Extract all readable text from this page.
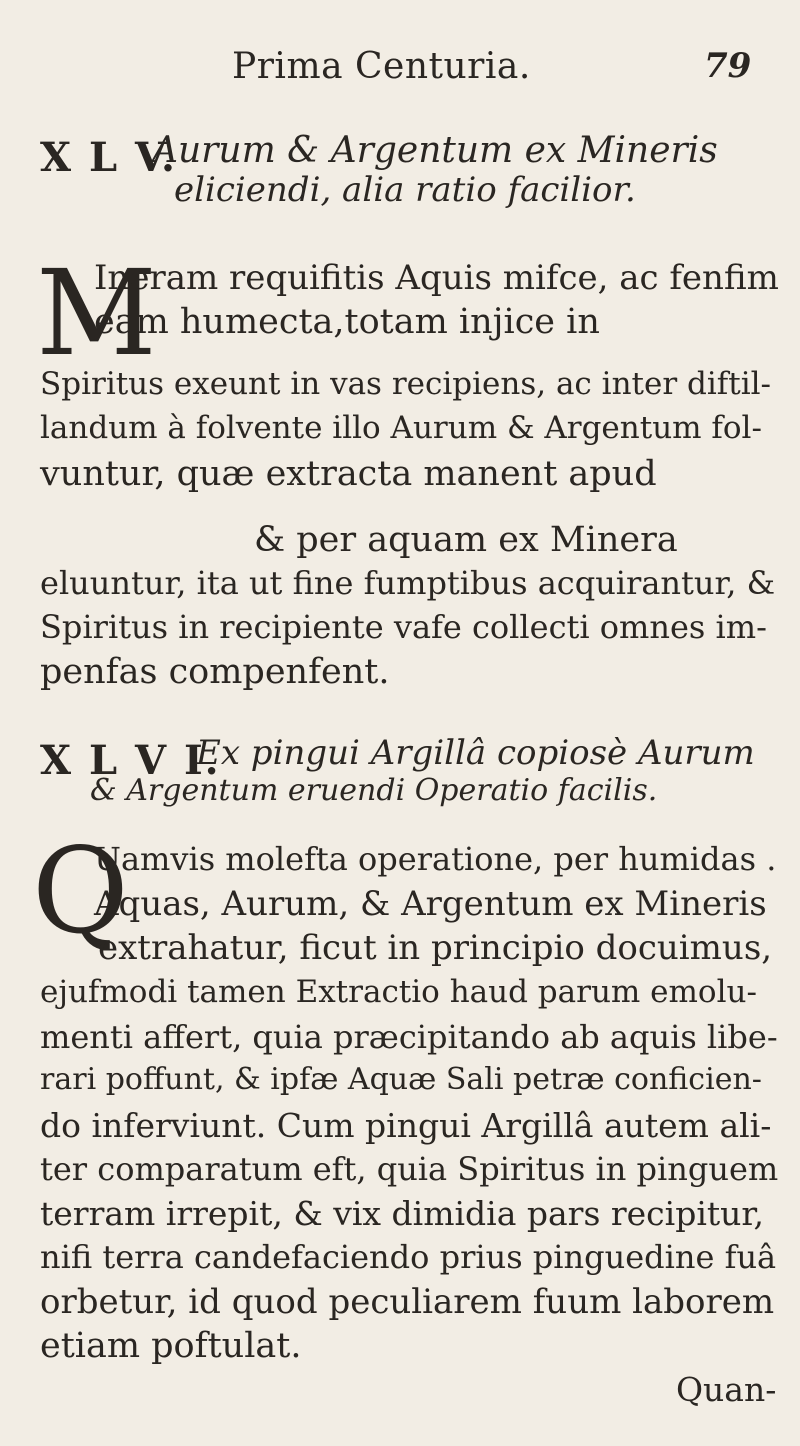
Prima Centuria.	79
X L V.
Aurum & Argentum ex Mineris
eliciendi, alia ratio facilior.
M
Ineram requifitis Aquis mifce, ac fenfim
eam humecta,totam injice in
Spiritus exeunt in vas recipiens, ac inter diftil-
landum à folvente illo Aurum & Argentum fol-
vuntur, quæ extracta manent apud
& per aquam ex Minera
eluuntur, ita ut fine fumptibus acquirantur, &
Spiritus in recipiente vafe collecti omnes im-
penfas compenfent.
X L V I.
Ex pingui Argillâ copiosè Aurum
& Argentum eruendi Operatio facilis.
Q
Uamvis molefta operatione, per humidas .
Aquas, Aurum, & Argentum ex Mineris
extrahatur, ficut in principio docuimus,
ejufmodi tamen Extractio haud parum emolu-
menti affert, quia præcipitando ab aquis libe-
rari poffunt, & ipfæ Aquæ Sali petræ conficien-
do inferviunt. Cum pingui Argillâ autem ali-
ter comparatum eft, quia Spiritus in pinguem
terram irrepit, & vix dimidia pars recipitur,
nifi terra candefaciendo prius pinguedine fuâ
orbetur, id quod peculiarem fuum laborem
etiam poftulat.
Quan-
